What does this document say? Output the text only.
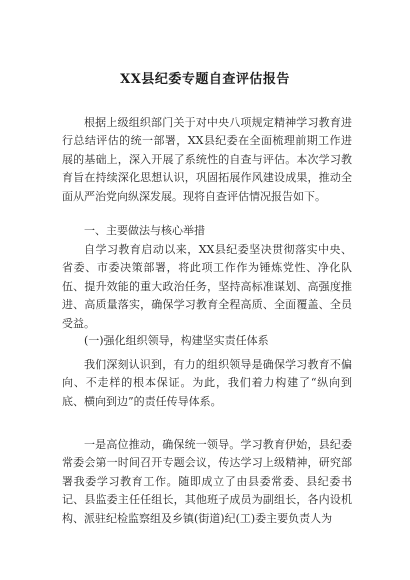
XX县纪委专题自查评估报告

根据上级组织部门关于对中央八项规定精神学习教育进行总结评估的统一部署，XX县纪委在全面梳理前期工作进展的基础上，深入开展了系统性的自查与评估。本次学习教育旨在持续深化思想认识，巩固拓展作风建设成果，推动全面从严治党向纵深发展。现将自查评估情况报告如下。

一、主要做法与核心举措

自学习教育启动以来，XX县纪委坚决贯彻落实中央、省委、市委决策部署，将此项工作作为锤炼党性、净化队伍、提升效能的重大政治任务，坚持高标准谋划、高强度推进、高质量落实，确保学习教育全程高质、全面覆盖、全员受益。

(一)强化组织领导，构建坚实责任体系

我们深刻认识到，有力的组织领导是确保学习教育不偏向、不走样的根本保证。为此，我们着力构建了“纵向到底、横向到边”的责任传导体系。

一是高位推动，确保统一领导。学习教育伊始，县纪委常委会第一时间召开专题会议，传达学习上级精神，研究部署我委学习教育工作。随即成立了由县委常委、县纪委书记、县监委主任任组长，其他班子成员为副组长，各内设机构、派驻纪检监察组及乡镇(街道)纪(工)委主要负责人为
